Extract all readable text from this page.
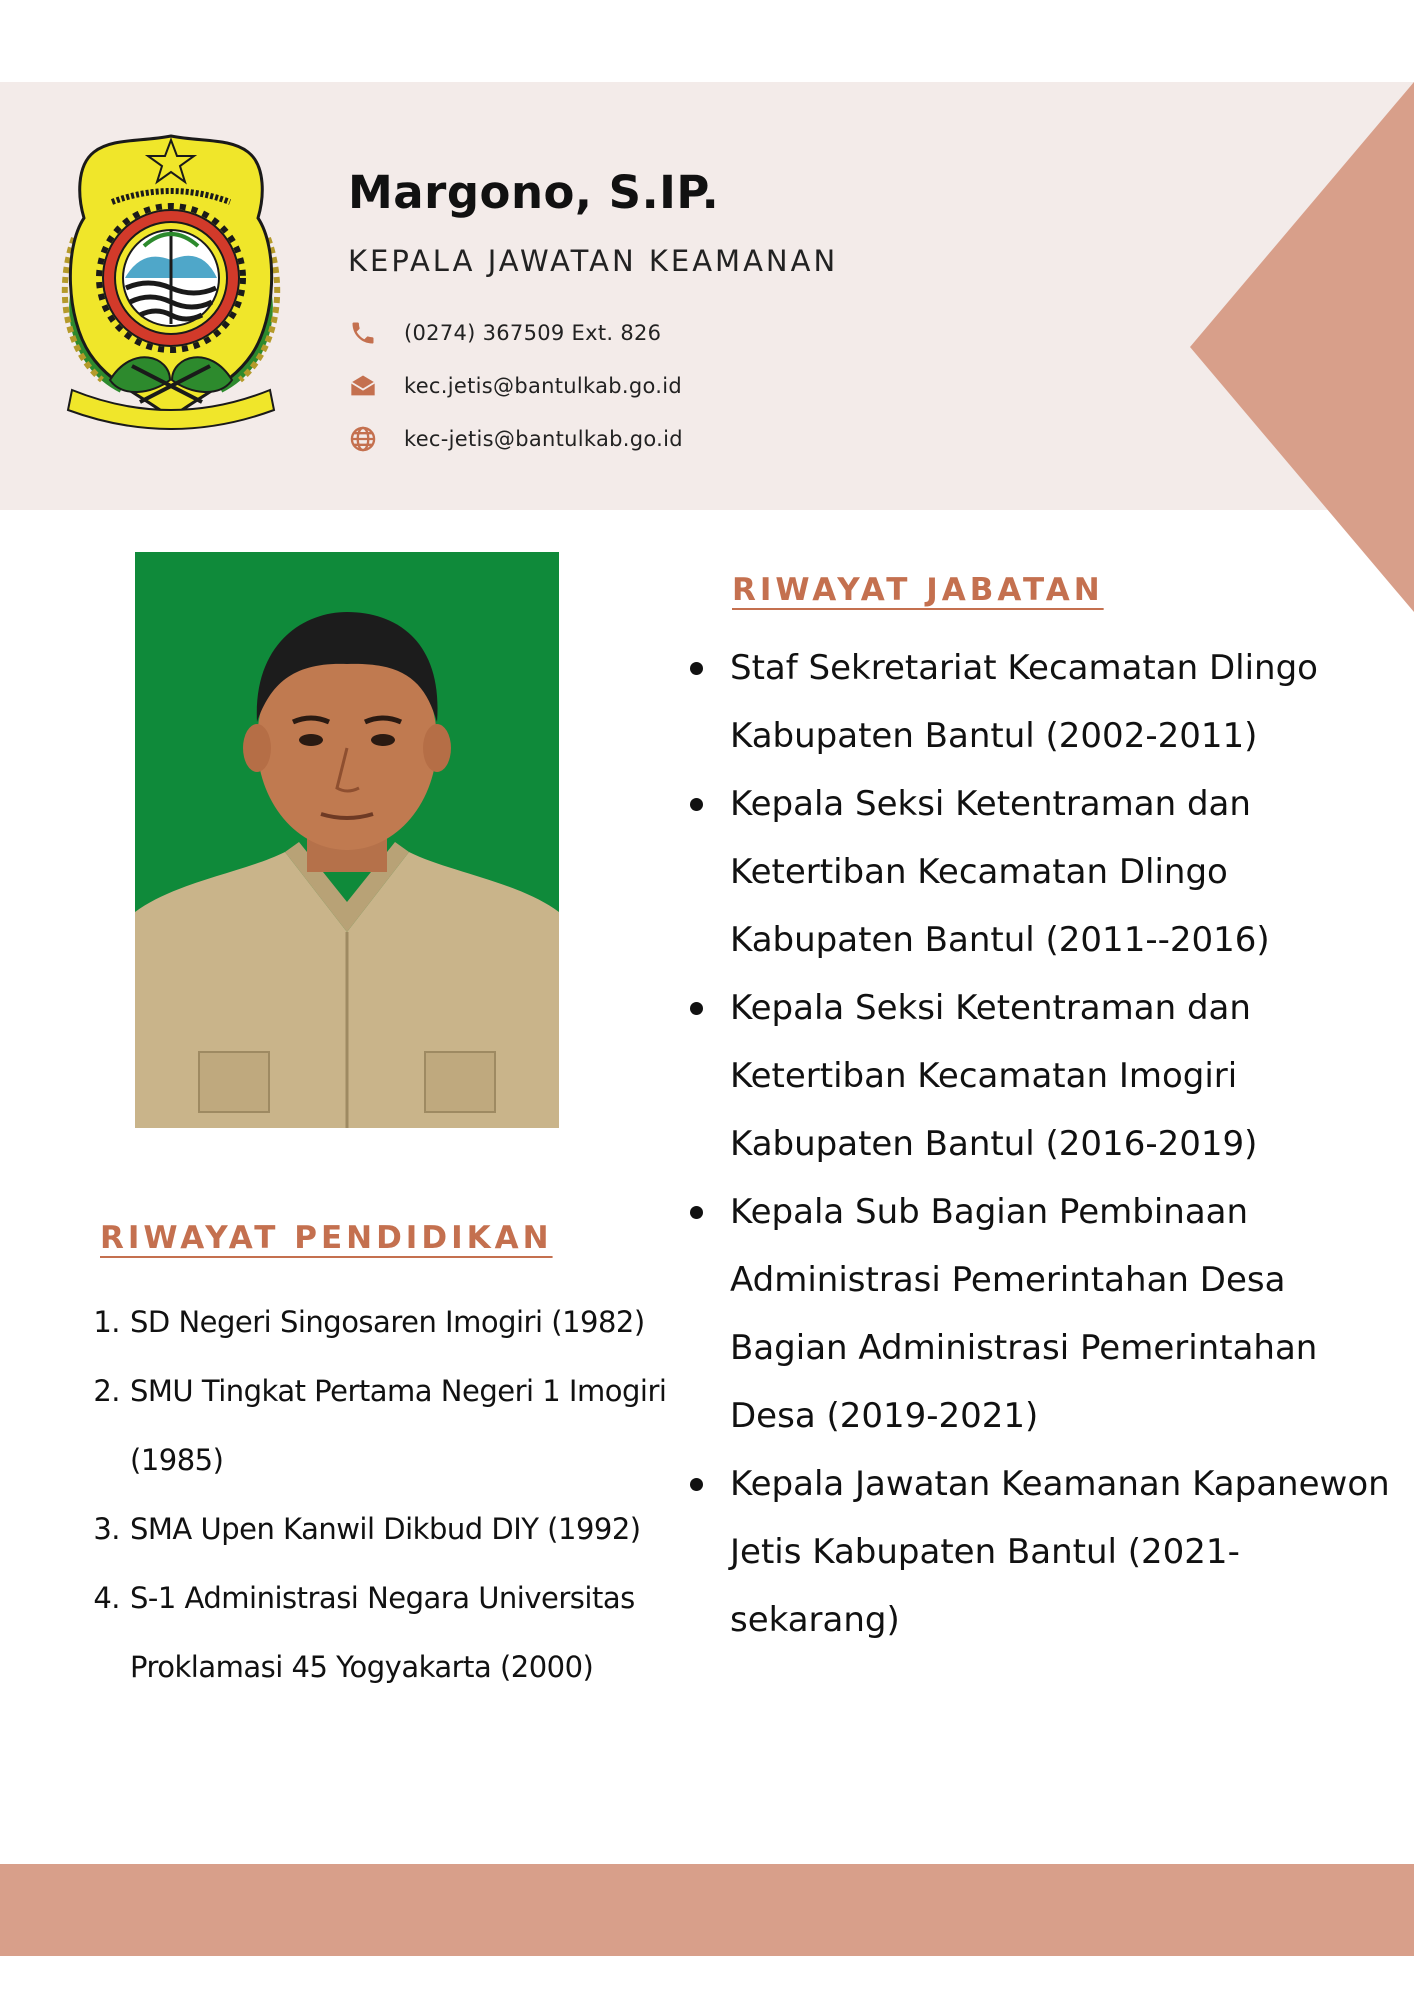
Margono, S.IP.
KEPALA JAWATAN KEAMANAN
(0274) 367509 Ext. 826
kec.jetis@bantulkab.go.id
kec-jetis@bantulkab.go.id
RIWAYAT PENDIDIKAN
1. SD Negeri Singosaren Imogiri (1982)
2. SMU Tingkat Pertama Negeri 1 Imogiri (1985)
3. SMA Upen Kanwil Dikbud DIY (1992)
4. S-1 Administrasi Negara Universitas Proklamasi 45 Yogyakarta (2000)
RIWAYAT JABATAN
Staf Sekretariat Kecamatan Dlingo Kabupaten Bantul (2002-2011)
Kepala Seksi Ketentraman dan Ketertiban Kecamatan Dlingo Kabupaten Bantul (2011--2016)
Kepala Seksi Ketentraman dan Ketertiban Kecamatan Imogiri Kabupaten Bantul (2016-2019)
Kepala Sub Bagian Pembinaan Administrasi Pemerintahan Desa Bagian Administrasi Pemerintahan Desa (2019-2021)
Kepala Jawatan Keamanan Kapanewon Jetis Kabupaten Bantul (2021-sekarang)
